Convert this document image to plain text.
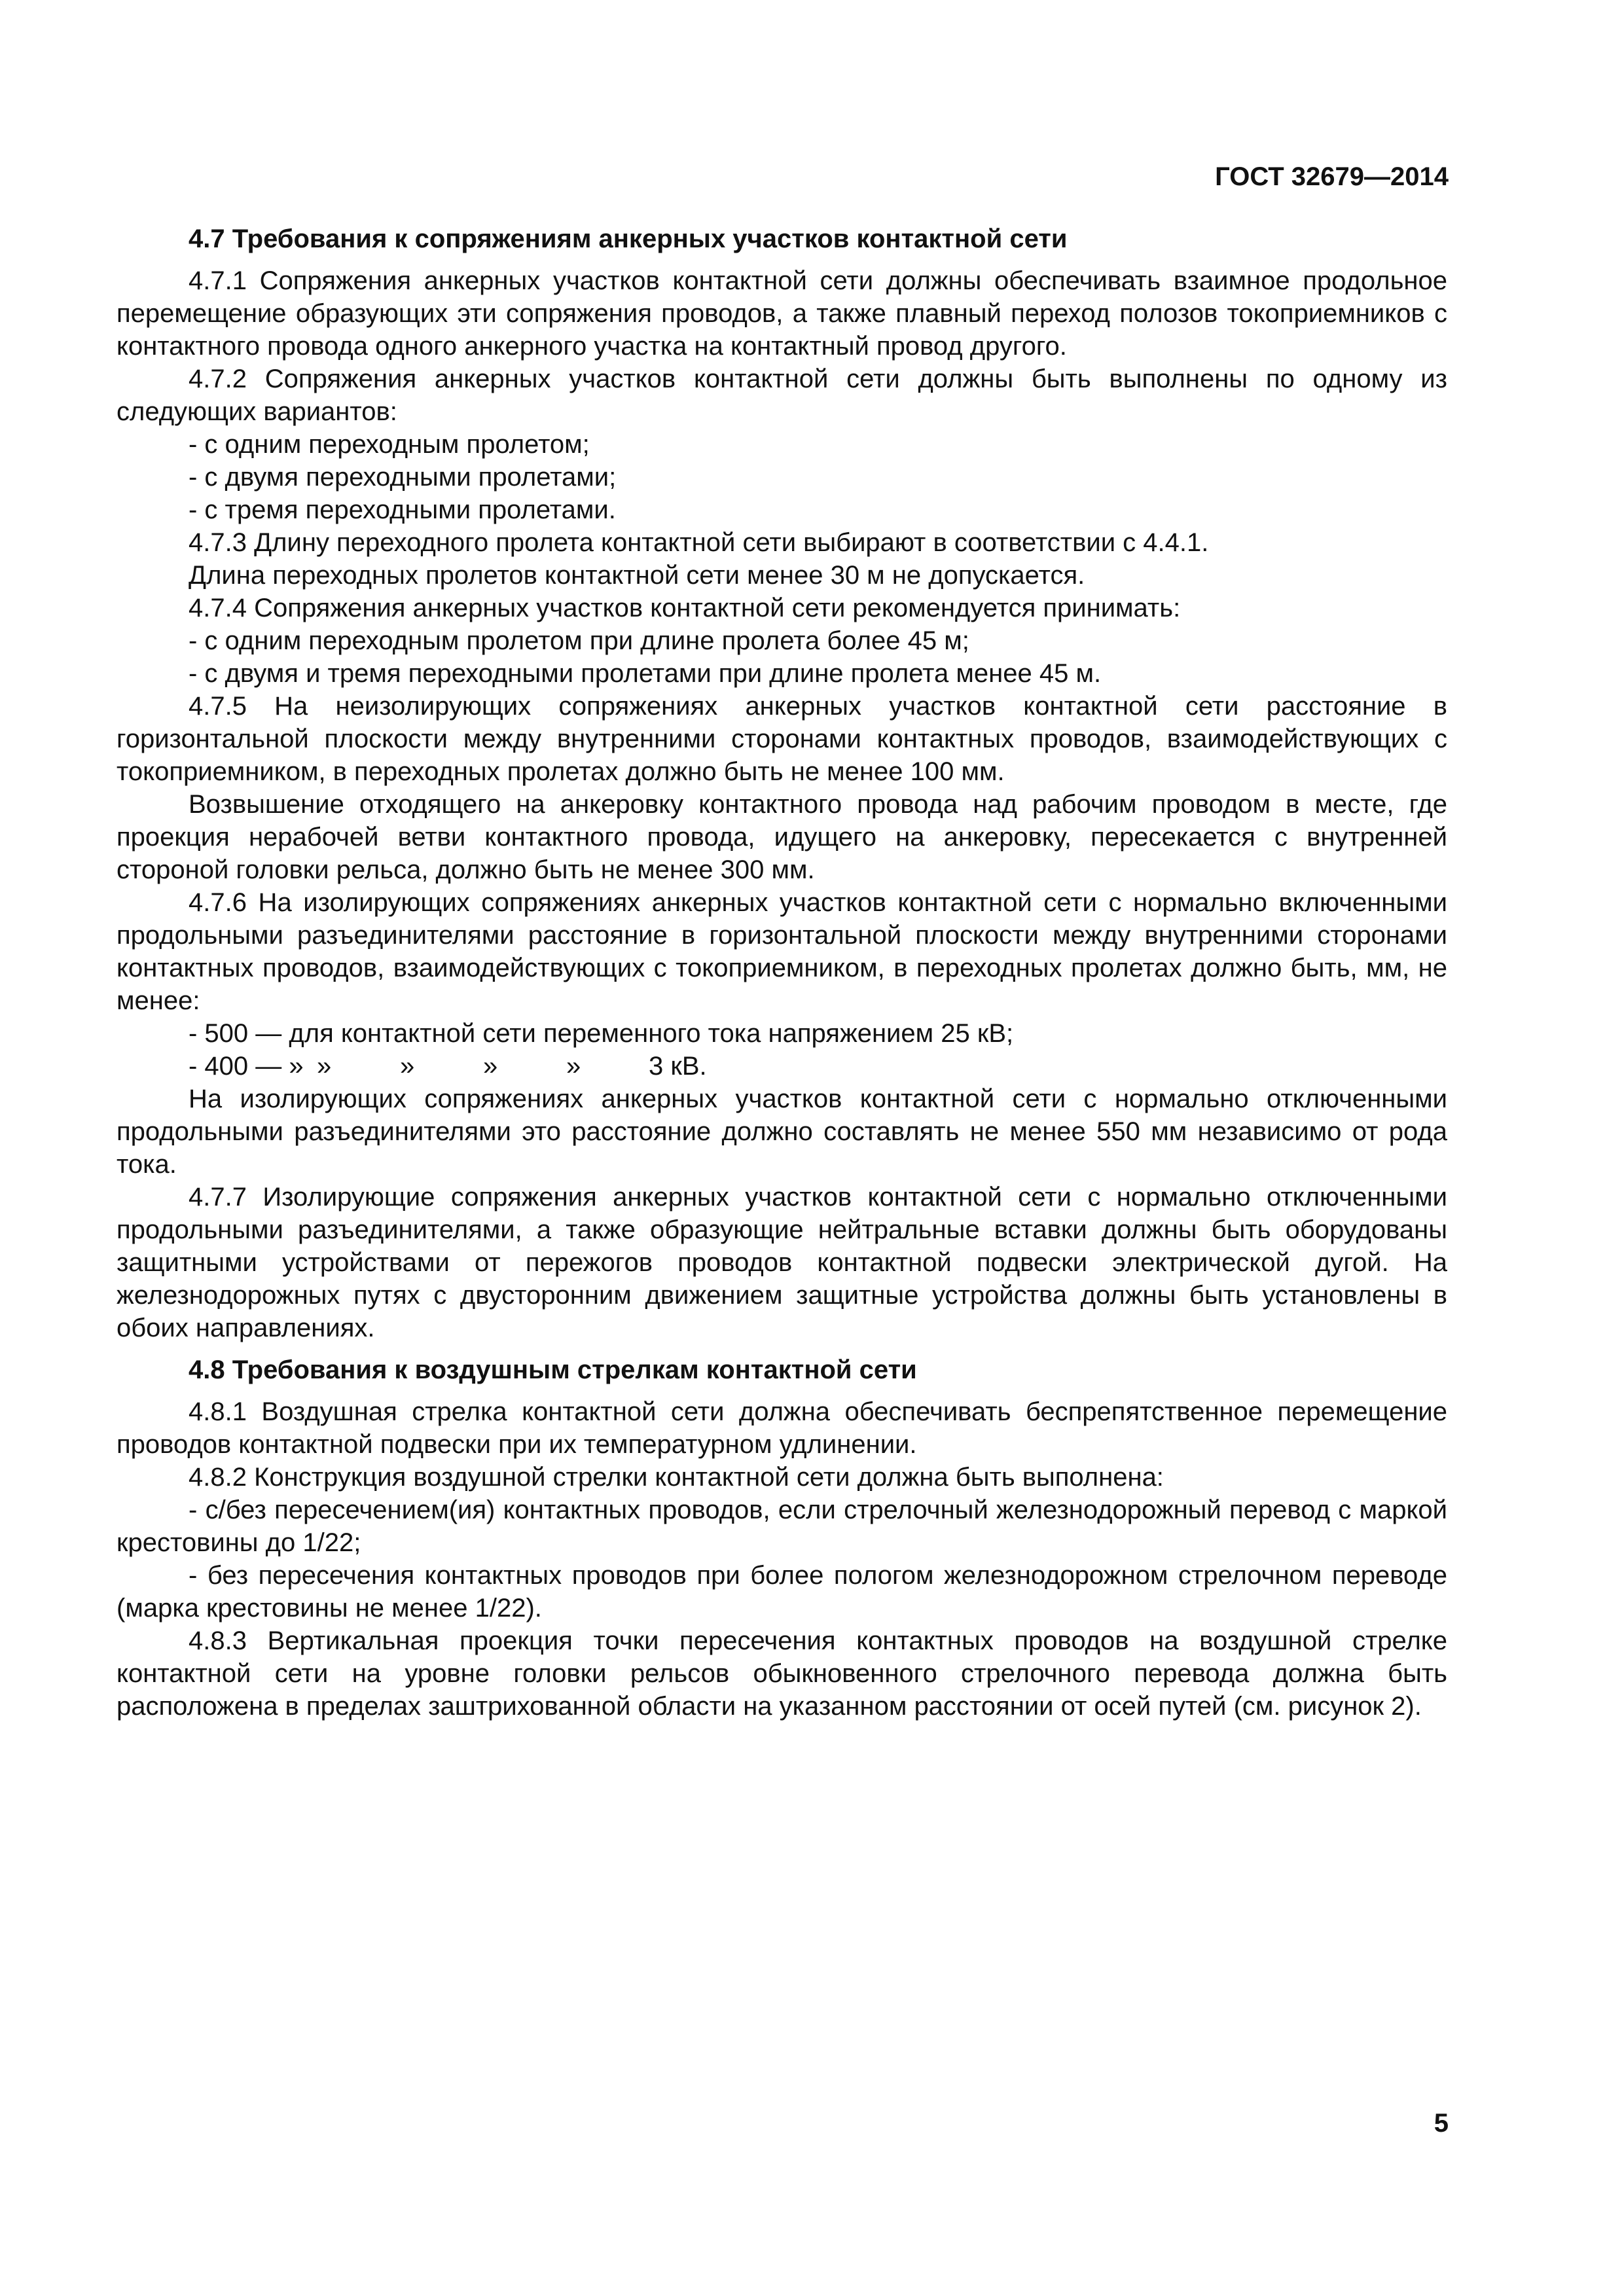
ГОСТ 32679—2014

4.7 Требования к сопряжениям анкерных участков контактной сети

4.7.1 Сопряжения анкерных участков контактной сети должны обеспечивать взаимное продольное перемещение образующих эти сопряжения проводов, а также плавный переход полозов токоприемников с контактного провода одного анкерного участка на контактный провод другого.

4.7.2 Сопряжения анкерных участков контактной сети должны быть выполнены по одному из следующих вариантов:

- с одним переходным пролетом;

- с двумя переходными пролетами;

- с тремя переходными пролетами.

4.7.3 Длину переходного пролета контактной сети выбирают в соответствии с 4.4.1.

Длина переходных пролетов контактной сети менее 30 м не допускается.

4.7.4 Сопряжения анкерных участков контактной сети рекомендуется принимать:

- с одним переходным пролетом при длине пролета более 45 м;

- с двумя и тремя переходными пролетами при длине пролета менее 45 м.

4.7.5 На неизолирующих сопряжениях анкерных участков контактной сети расстояние в горизонтальной плоскости между внутренними сторонами контактных проводов, взаимодействующих с токоприемником, в переходных пролетах должно быть не менее 100 мм.

Возвышение отходящего на анкеровку контактного провода над рабочим проводом в месте, где проекция нерабочей ветви контактного провода, идущего на анкеровку, пересекается с внутренней стороной головки рельса, должно быть не менее 300 мм.

4.7.6 На изолирующих сопряжениях анкерных участков контактной сети с нормально включенными продольными разъединителями расстояние в горизонтальной плоскости между внутренними сторонами контактных проводов, взаимодействующих с токоприемником, в переходных пролетах должно быть, мм, не менее:

- 500 — для контактной сети переменного тока напряжением 25 кВ;

- 400 — » »	»	»	»	3 кВ.

На изолирующих сопряжениях анкерных участков контактной сети с нормально отключенными продольными разъединителями это расстояние должно составлять не менее 550 мм независимо от рода тока.

4.7.7 Изолирующие сопряжения анкерных участков контактной сети с нормально отключенными продольными разъединителями, а также образующие нейтральные вставки должны быть оборудованы защитными устройствами от пережогов проводов контактной подвески электрической дугой. На железнодорожных путях с двусторонним движением защитные устройства должны быть установлены в обоих направлениях.

4.8 Требования к воздушным стрелкам контактной сети

4.8.1 Воздушная стрелка контактной сети должна обеспечивать беспрепятственное перемещение проводов контактной подвески при их температурном удлинении.

4.8.2 Конструкция воздушной стрелки контактной сети должна быть выполнена:

- с/без пересечением(ия) контактных проводов, если стрелочный железнодорожный перевод с маркой крестовины до 1/22;

- без пересечения контактных проводов при более пологом железнодорожном стрелочном переводе (марка крестовины не менее 1/22).

4.8.3 Вертикальная проекция точки пересечения контактных проводов на воздушной стрелке контактной сети на уровне головки рельсов обыкновенного стрелочного перевода должна быть расположена в пределах заштрихованной области на указанном расстоянии от осей путей (см. рисунок 2).

5
